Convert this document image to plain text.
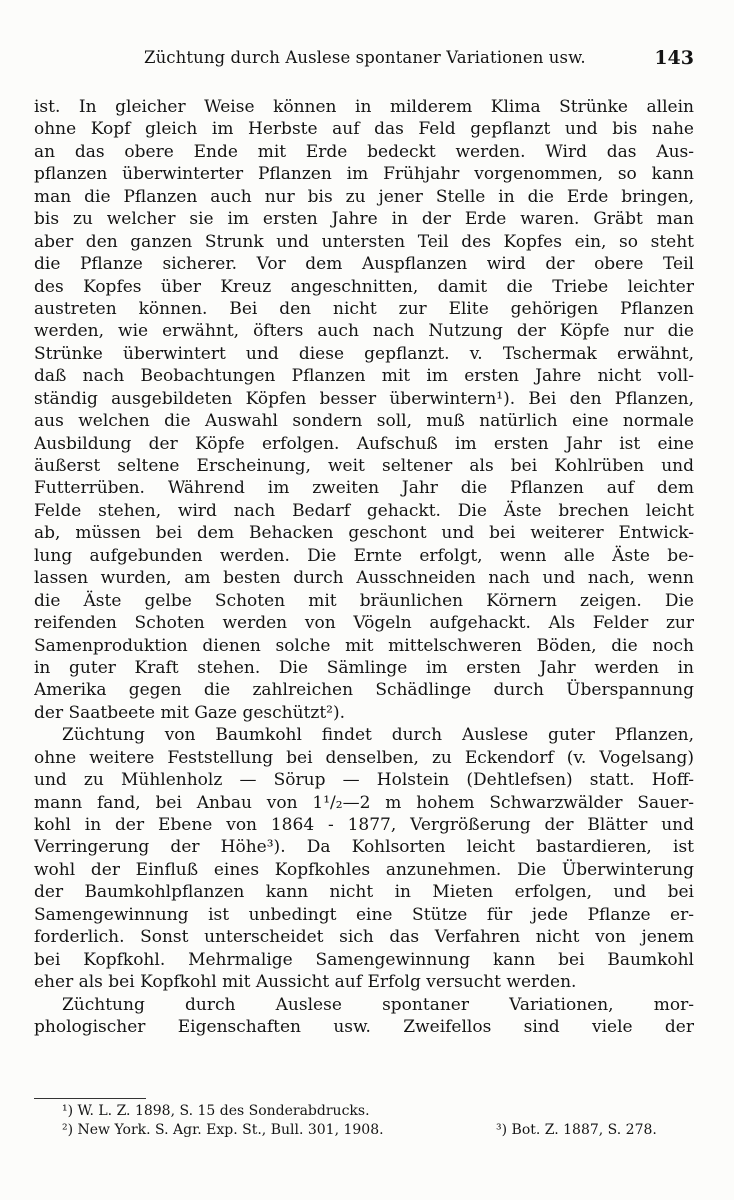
Züchtung durch Auslese spontaner Variationen usw.	143
ist. In gleicher Weise können in milderem Klima Strünke allein
ohne Kopf gleich im Herbste auf das Feld gepflanzt und bis nahe
an das obere Ende mit Erde bedeckt werden. Wird das Aus-
pflanzen überwinterter Pflanzen im Frühjahr vorgenommen, so kann
man die Pflanzen auch nur bis zu jener Stelle in die Erde bringen,
bis zu welcher sie im ersten Jahre in der Erde waren. Gräbt man
aber den ganzen Strunk und untersten Teil des Kopfes ein, so steht
die Pflanze sicherer. Vor dem Auspflanzen wird der obere Teil
des Kopfes über Kreuz angeschnitten, damit die Triebe leichter
austreten können. Bei den nicht zur Elite gehörigen Pflanzen
werden, wie erwähnt, öfters auch nach Nutzung der Köpfe nur die
Strünke überwintert und diese gepflanzt. v. Tschermak erwähnt,
daß nach Beobachtungen Pflanzen mit im ersten Jahre nicht voll-
ständig ausgebildeten Köpfen besser überwintern¹). Bei den Pflanzen,
aus welchen die Auswahl sondern soll, muß natürlich eine normale
Ausbildung der Köpfe erfolgen. Aufschuß im ersten Jahr ist eine
äußerst seltene Erscheinung, weit seltener als bei Kohlrüben und
Futterrüben. Während im zweiten Jahr die Pflanzen auf dem
Felde stehen, wird nach Bedarf gehackt. Die Äste brechen leicht
ab, müssen bei dem Behacken geschont und bei weiterer Entwick-
lung aufgebunden werden. Die Ernte erfolgt, wenn alle Äste be-
lassen wurden, am besten durch Ausschneiden nach und nach, wenn
die Äste gelbe Schoten mit bräunlichen Körnern zeigen. Die
reifenden Schoten werden von Vögeln aufgehackt. Als Felder zur
Samenproduktion dienen solche mit mittelschweren Böden, die noch
in guter Kraft stehen. Die Sämlinge im ersten Jahr werden in
Amerika gegen die zahlreichen Schädlinge durch Überspannung
der Saatbeete mit Gaze geschützt²).
Züchtung von Baumkohl findet durch Auslese guter Pflanzen,
ohne weitere Feststellung bei denselben, zu Eckendorf (v. Vogelsang)
und zu Mühlenholz — Sörup — Holstein (Dehtlefsen) statt. Hoff-
mann fand, bei Anbau von 1¹/₂—2 m hohem Schwarzwälder Sauer-
kohl in der Ebene von 1864 - 1877, Vergrößerung der Blätter und
Verringerung der Höhe³). Da Kohlsorten leicht bastardieren, ist
wohl der Einfluß eines Kopfkohles anzunehmen. Die Überwinterung
der Baumkohlpflanzen kann nicht in Mieten erfolgen, und bei
Samengewinnung ist unbedingt eine Stütze für jede Pflanze er-
forderlich. Sonst unterscheidet sich das Verfahren nicht von jenem
bei Kopfkohl. Mehrmalige Samengewinnung kann bei Baumkohl
eher als bei Kopfkohl mit Aussicht auf Erfolg versucht werden.
Züchtung durch Auslese spontaner Variationen, mor-
phologischer Eigenschaften usw. Zweifellos sind viele der
¹) W. L. Z. 1898, S. 15 des Sonderabdrucks.
²) New York. S. Agr. Exp. St., Bull. 301, 1908.	³) Bot. Z. 1887, S. 278.
